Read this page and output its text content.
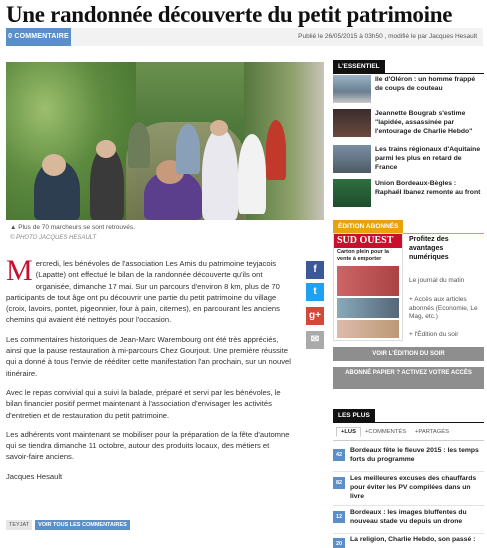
Une randonnée découverte du petit patrimoine
0 COMMENTAIRE	Publié le 26/05/2015 à 03h50 , modifié le par Jacques Hesault
▲ Plus de 70 marcheurs se sont retrouvés.
© PHOTO JACQUES HESAULT

Mercredi, les bénévoles de l'association Les Amis du patrimoine teyjacois (Lapatte) ont effectué le bilan de la randonnée découverte qu'ils ont organisée, dimanche 17 mai. Sur un parcours d'environ 8 km, plus de 70 participants de tout âge ont pu découvrir une partie du petit patrimoine du village (croix, lavoirs, pontet, pigeonnier, four à pain, citernes), en parcourant les anciens chemins qui avaient été nettoyés pour l'occasion.

Les commentaires historiques de Jean-Marc Warembourg ont été très appréciés, ainsi que la pause restauration à mi-parcours Chez Gourjout. Une première réussite qui a donné à tous l'envie de rééditer cette manifestation l'an prochain, sur un nouvel itinéraire.

Avec le repas convivial qui a suivi la balade, préparé et servi par les bénévoles, le bilan financier positif permet maintenant à l'association d'envisager les activités d'entretien et de restauration du petit patrimoine.

Les adhérents vont maintenant se mobiliser pour la préparation de la fête d'automne qui se tiendra dimanche 11 octobre, autour des produits locaux, des métiers et savoir-faire anciens.

Jacques Hesault

f
t
g+
✉
TEYJAT VOIR TOUS LES COMMENTAIRES
L'ESSENTIEL
Ile d'Oléron : un homme frappé de coups de couteau
Jeannette Bougrab s'estime "lapidée, assassinée par l'entourage de Charlie Hebdo"
Les trains régionaux d'Aquitaine parmi les plus en retard de France
Union Bordeaux-Bègles : Raphaël Ibanez remonte au front
ÉDITION ABONNÉS
SUD OUEST
Carton plein pour la vente à emporter
Profitez des avantages numériques
Le journal du matin
+ Accès aux articles abonnés (Economie, Le Mag, etc.)
+ l'Édition du soir
VOIR L'ÉDITION DU SOIR
ABONNÉ PAPIER ? ACTIVEZ VOTRE ACCÈS
LES PLUS
+LUS	+COMMENTÉS +PARTAGÉS
42
Bordeaux fête le fleuve 2015 : les temps forts du programme
82
Les meilleures excuses des chauffards pour éviter les PV compilées dans un livre
12
Bordeaux : les images bluffentes du nouveau stade vu depuis un drone
20
La religion, Charlie Hebdo, son passé :
